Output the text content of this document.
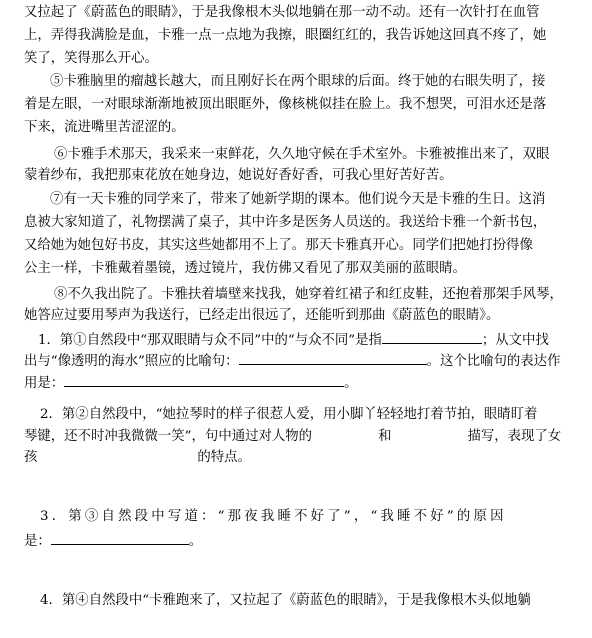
又拉起了《蔚蓝色的眼睛》，于是我像根木头似地躺在那一动不动。还有一次针打在血管
上，弄得我满脸是血，卡雅一点一点地为我擦，眼圈红红的，我告诉她这回真不疼了，她
笑了，笑得那么开心。
⑤卡雅脑里的瘤越长越大，而且刚好长在两个眼球的后面。终于她的右眼失明了，接
着是左眼，一对眼球渐渐地被顶出眼眶外，像核桃似挂在脸上。我不想哭，可泪水还是落
下来，流进嘴里苦涩涩的。
⑥卡雅手术那天，我采来一束鲜花，久久地守候在手术室外。卡雅被推出来了，双眼
蒙着纱布，我把那束花放在她身边，她说好香好香，可我心里好苦好苦。
⑦有一天卡雅的同学来了，带来了她新学期的课本。他们说今天是卡雅的生日。这消
息被大家知道了，礼物摆满了桌子，其中许多是医务人员送的。我送给卡雅一个新书包，
又给她为她包好书皮，其实这些她都用不上了。那天卡雅真开心。同学们把她打扮得像
公主一样，卡雅戴着墨镜，透过镜片，我仿佛又看见了那双美丽的蓝眼睛。
⑧不久我出院了。卡雅扶着墙壁来找我，她穿着红裙子和红皮鞋，还抱着那架手风琴，
她答应过要用琴声为我送行，已经走出很远了，还能听到那曲《蔚蓝色的眼睛》。
1．第①自然段中“那双眼睛与众不同”中的“与众不同”是指	；从文中找
出与“像透明的海水”照应的比喻句：	。这个比喻句的表达作
用是：	。
2．第②自然段中，“她拉琴时的样子很惹人爱，用小脚丫轻轻地打着节拍，眼睛盯着
琴键，还不时冲我微微一笑”，句中通过对人物的	和	描写，表现了女
孩	的特点。
3．第③自然段中写道：“那夜我睡不好了”，“我睡不好”的原因
是：	。
4．第④自然段中“卡雅跑来了，又拉起了《蔚蓝色的眼睛》，于是我像根木头似地躺
